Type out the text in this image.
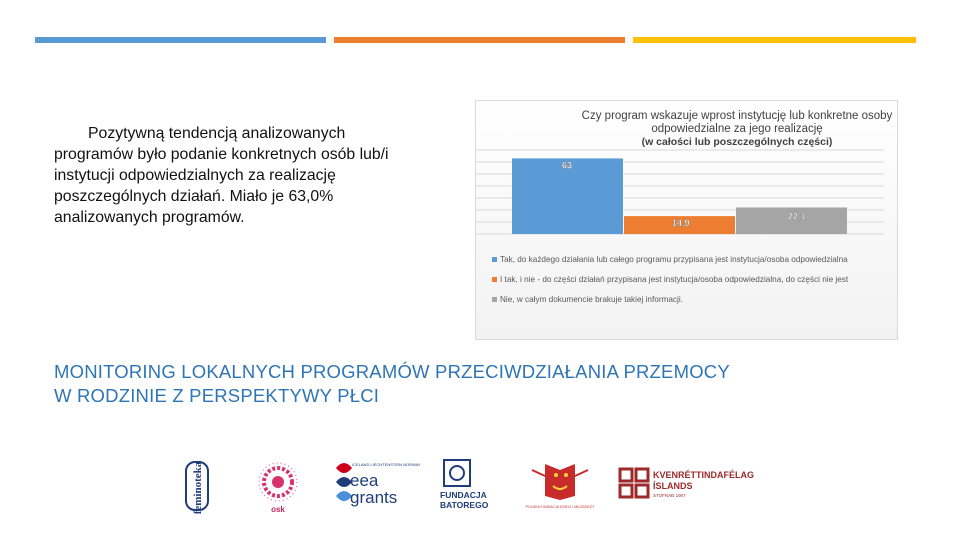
Pozytywną tendencją analizowanych programów było podanie konkretnych osób lub/i instytucji odpowiedzialnych za realizację poszczególnych działań. Miało je 63,0% analizowanych programów.
Czy program wskazuje wprost instytucję lub konkretne osoby odpowiedzialne za jego realizację
(w całości lub poszczególnych części)
63
14,9
22,1
Tak, do każdego działania lub całego programu przypisana jest instytucja/osoba odpowiedzialna
I tak, i nie - do części działań przypisana jest instytucja/osoba odpowiedzialna, do części nie jest
Nie, w całym dokumencie brakuje takiej informacji.
MONITORING LOKALNYCH PROGRAMÓW PRZECIWDZIAŁANIA PRZEMOCY
W RODZINIE Z PERSPEKTYWY PŁCI
feminoteka	osk
ICELAND LIECHTENSTEIN NORWAY
eea
grants	FUNDACJA
BATOREGO	POLSKA FUNDACJA DZIECI I MŁODZIEŻY
KVENRÉTTINDAFÉLAG
ÍSLANDS
STOFNAÐ 1907
